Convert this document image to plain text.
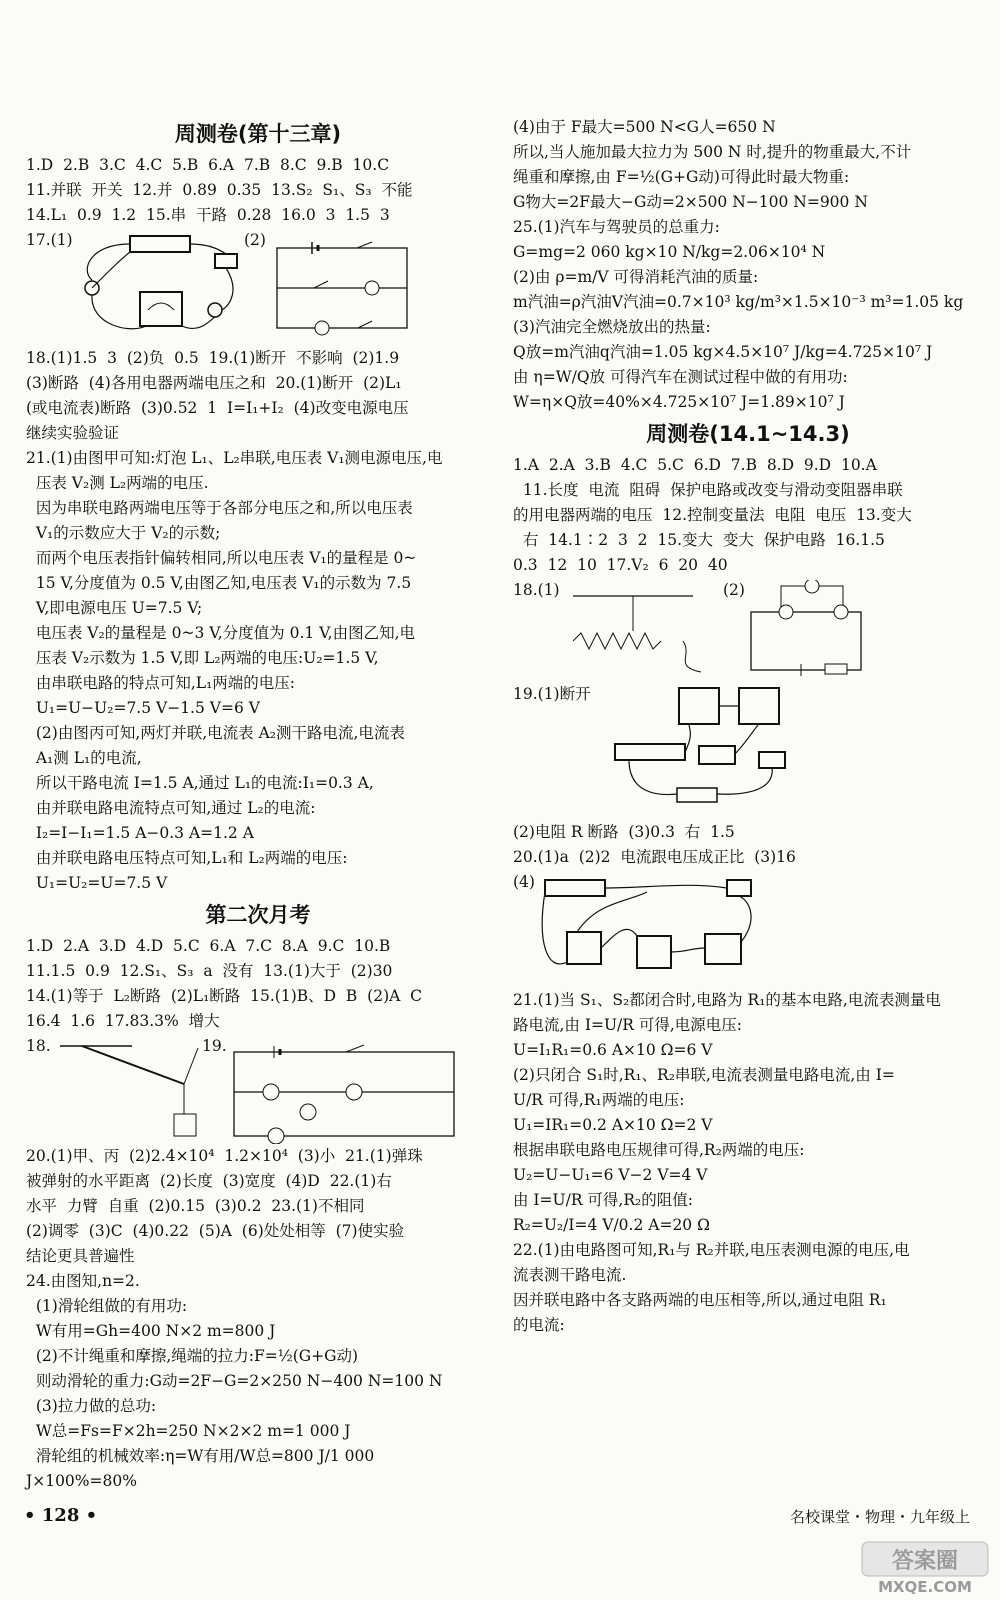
周测卷(第十三章)
1.D  2.B  3.C  4.C  5.B  6.A  7.B  8.C  9.B  10.C
11.并联  开关  12.并  0.89  0.35  13.S₂  S₁、S₃  不能
14.L₁  0.9  1.2  15.串  干路  0.28  16.0  3  1.5  3
17.(1)	(2)
18.(1)1.5  3  (2)负  0.5  19.(1)断开  不影响  (2)1.9
(3)断路  (4)各用电器两端电压之和  20.(1)断开  (2)L₁
(或电流表)断路  (3)0.52  1  I=I₁+I₂  (4)改变电源电压
继续实验验证
21.(1)由图甲可知:灯泡 L₁、L₂串联,电压表 V₁测电源电压,电
压表 V₂测 L₂两端的电压.
因为串联电路两端电压等于各部分电压之和,所以电压表
V₁的示数应大于 V₂的示数;
而两个电压表指针偏转相同,所以电压表 V₁的量程是 0~
15 V,分度值为 0.5 V,由图乙知,电压表 V₁的示数为 7.5
V,即电源电压 U=7.5 V;
电压表 V₂的量程是 0~3 V,分度值为 0.1 V,由图乙知,电
压表 V₂示数为 1.5 V,即 L₂两端的电压:U₂=1.5 V,
由串联电路的特点可知,L₁两端的电压:
U₁=U−U₂=7.5 V−1.5 V=6 V
(2)由图丙可知,两灯并联,电流表 A₂测干路电流,电流表
A₁测 L₁的电流,
所以干路电流 I=1.5 A,通过 L₁的电流:I₁=0.3 A,
由并联电路电流特点可知,通过 L₂的电流:
I₂=I−I₁=1.5 A−0.3 A=1.2 A
由并联电路电压特点可知,L₁和 L₂两端的电压:
U₁=U₂=U=7.5 V
第二次月考
1.D  2.A  3.D  4.D  5.C  6.A  7.C  8.A  9.C  10.B
11.1.5  0.9  12.S₁、S₃  a  没有  13.(1)大于  (2)30
14.(1)等于  L₂断路  (2)L₁断路  15.(1)B、D  B  (2)A  C
16.4  1.6  17.83.3%  增大
18.	19.
20.(1)甲、丙  (2)2.4×10⁴  1.2×10⁴  (3)小  21.(1)弹珠
被弹射的水平距离  (2)长度  (3)宽度  (4)D  22.(1)右
水平  力臂  自重  (2)0.15  (3)0.2  23.(1)不相同
(2)调零  (3)C  (4)0.22  (5)A  (6)处处相等  (7)使实验
结论更具普遍性
24.由图知,n=2.
(1)滑轮组做的有用功:
W有用=Gh=400 N×2 m=800 J
(2)不计绳重和摩擦,绳端的拉力:F=½(G+G动)
则动滑轮的重力:G动=2F−G=2×250 N−400 N=100 N
(3)拉力做的总功:
W总=Fs=F×2h=250 N×2×2 m=1 000 J
滑轮组的机械效率:η=W有用/W总=800 J/1 000 J×100%=80%
(4)由于 F最大=500 N<G人=650 N
所以,当人施加最大拉力为 500 N 时,提升的物重最大,不计
绳重和摩擦,由 F=½(G+G动)可得此时最大物重:
G物大=2F最大−G动=2×500 N−100 N=900 N
25.(1)汽车与驾驶员的总重力:
G=mg=2 060 kg×10 N/kg=2.06×10⁴ N
(2)由 ρ=m/V 可得消耗汽油的质量:
m汽油=ρ汽油V汽油=0.7×10³ kg/m³×1.5×10⁻³ m³=1.05 kg
(3)汽油完全燃烧放出的热量:
Q放=m汽油q汽油=1.05 kg×4.5×10⁷ J/kg=4.725×10⁷ J
由 η=W/Q放 可得汽车在测试过程中做的有用功:
W=η×Q放=40%×4.725×10⁷ J=1.89×10⁷ J
周测卷(14.1~14.3)
1.A  2.A  3.B  4.C  5.C  6.D  7.B  8.D  9.D  10.A
11.长度  电流  阻碍  保护电路或改变与滑动变阻器串联
的用电器两端的电压  12.控制变量法  电阻  电压  13.变大
右  14.1∶2  3  2  15.变大  变大  保护电路  16.1.5
0.3  12  10  17.V₂  6  20  40
18.(1)	(2)
19.(1)断开
(2)电阻 R 断路  (3)0.3  右  1.5
20.(1)a  (2)2  电流跟电压成正比  (3)16
(4)
21.(1)当 S₁、S₂都闭合时,电路为 R₁的基本电路,电流表测量电
路电流,由 I=U/R 可得,电源电压:
U=I₁R₁=0.6 A×10 Ω=6 V
(2)只闭合 S₁时,R₁、R₂串联,电流表测量电路电流,由 I=
U/R 可得,R₁两端的电压:
U₁=IR₁=0.2 A×10 Ω=2 V
根据串联电路电压规律可得,R₂两端的电压:
U₂=U−U₁=6 V−2 V=4 V
由 I=U/R 可得,R₂的阻值:
R₂=U₂/I=4 V/0.2 A=20 Ω
22.(1)由电路图可知,R₁与 R₂并联,电压表测电源的电压,电
流表测干路电流.
因并联电路中各支路两端的电压相等,所以,通过电阻 R₁
的电流:
• 128 •	名校课堂・物理・九年级上
答案圈
MXQE.COM
